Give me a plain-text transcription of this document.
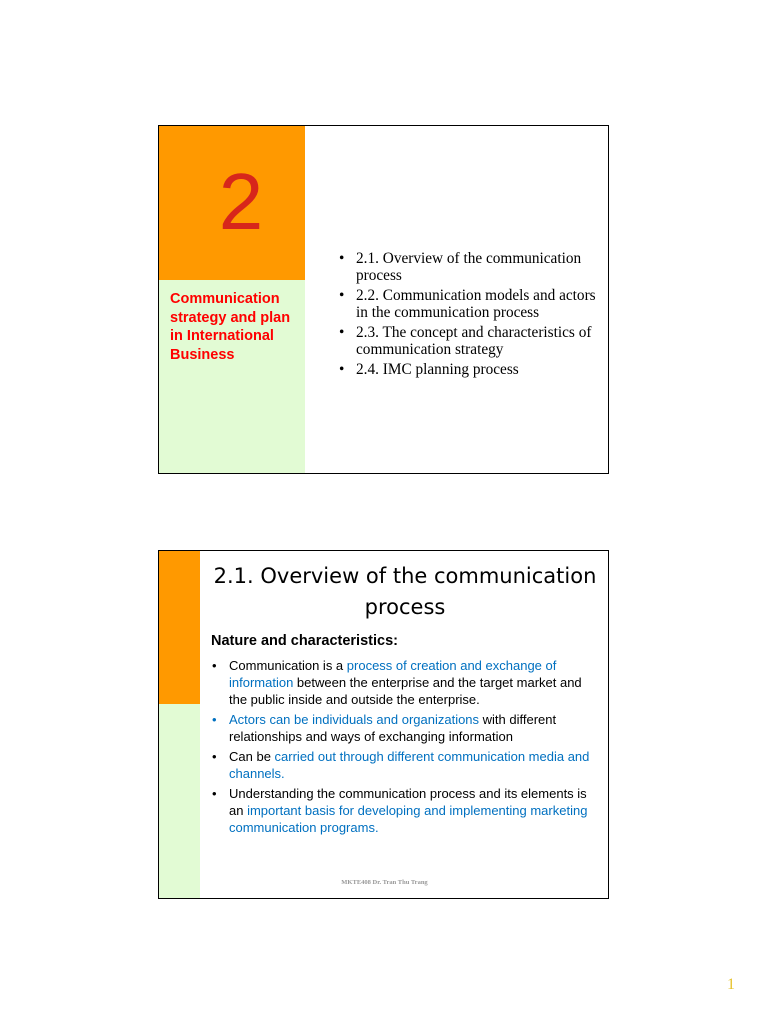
2
Communication strategy and plan in International Business
• 2.1. Overview of the communication process
• 2.2. Communication models and actors in the communication process
• 2.3. The concept and characteristics of communication strategy
• 2.4. IMC planning process
2.1. Overview of the communication process
Nature and characteristics:
• Communication is a process of creation and exchange of information between the enterprise and the target market and the public inside and outside the enterprise.
• Actors can be individuals and organizations with different relationships and ways of exchanging information
• Can be carried out through different communication media and channels.
• Understanding the communication process and its elements is an important basis for developing and implementing marketing communication programs.
MKTE408 Dr. Tran Thu Trang
1
